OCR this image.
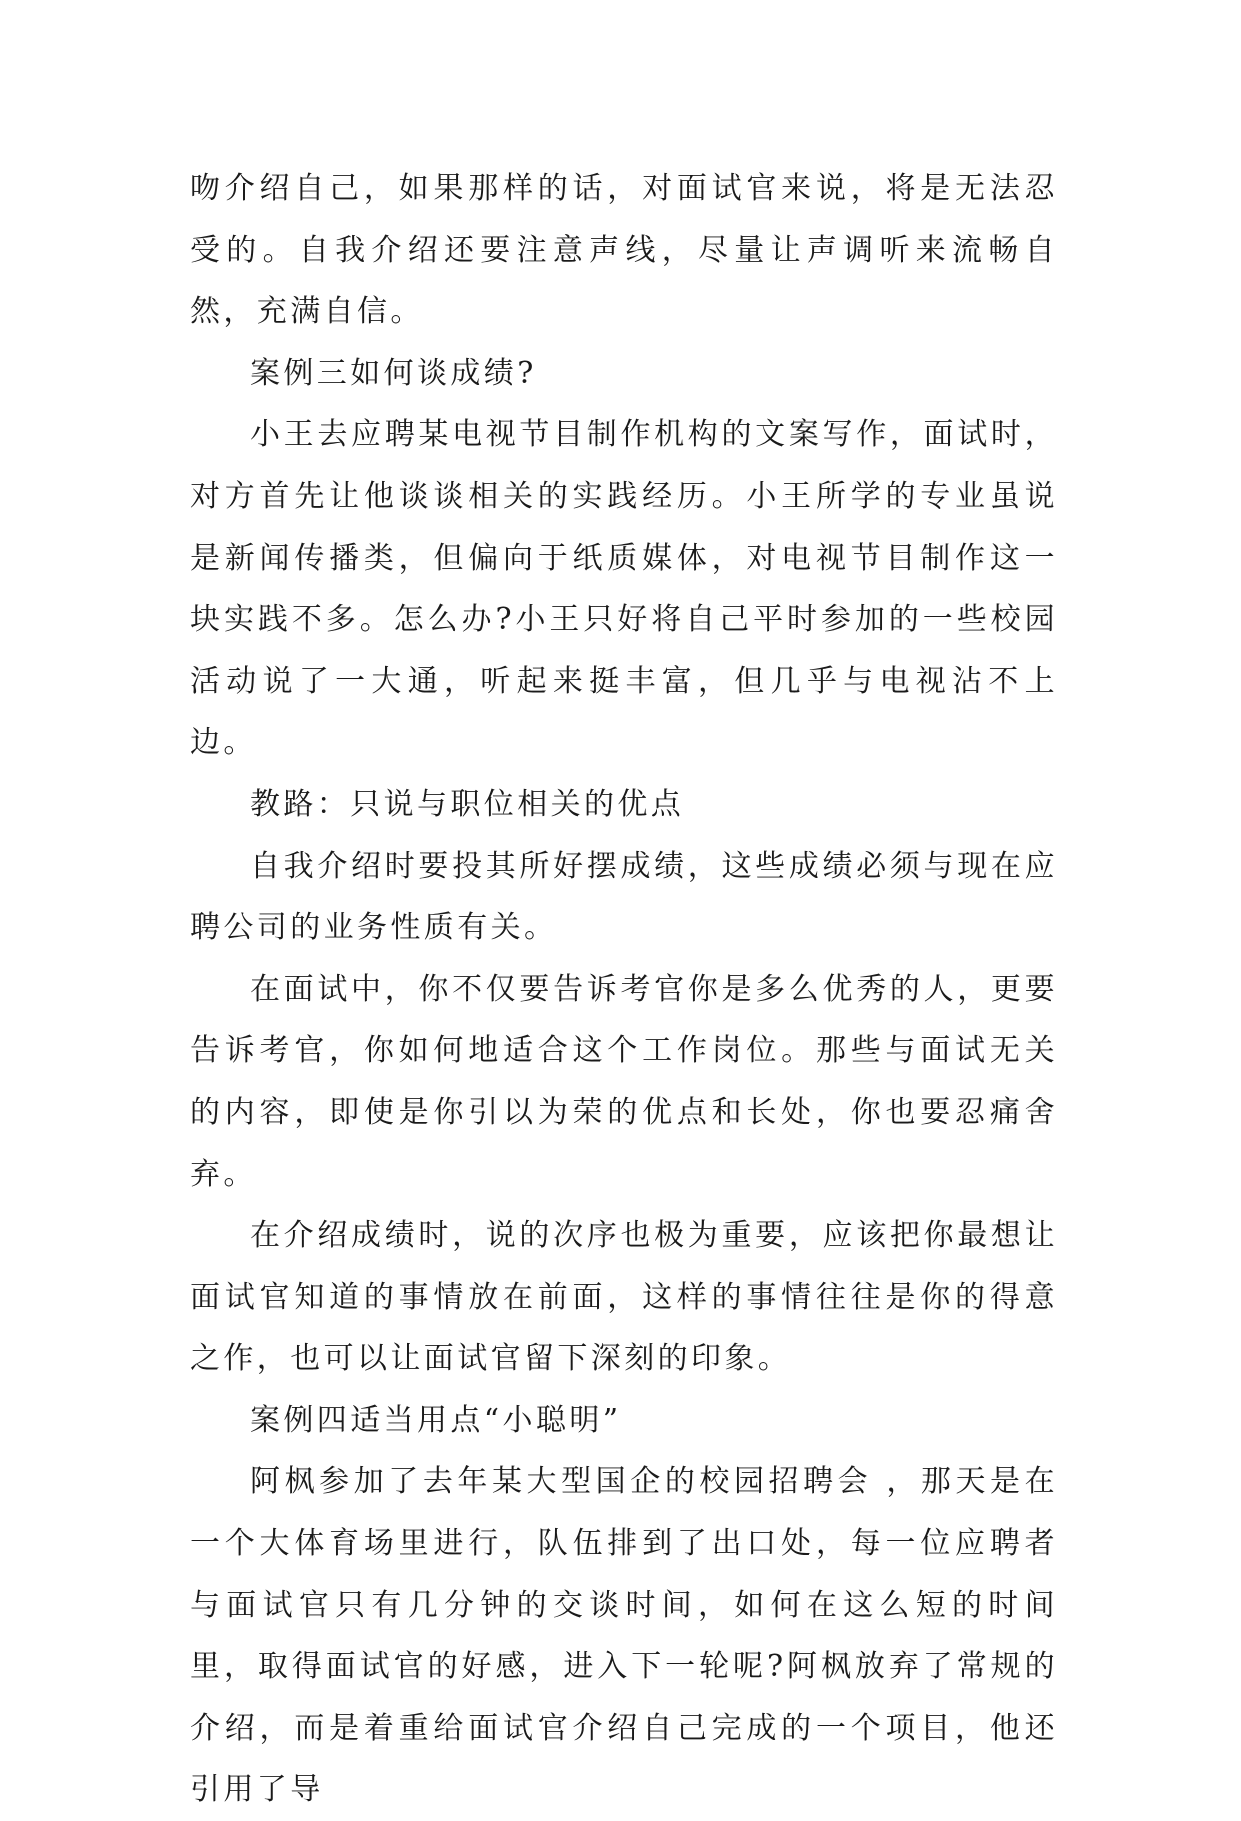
吻介绍自己，如果那样的话，对面试官来说，将是无法忍受的。自我介绍还要注意声线，尽量让声调听来流畅自然，充满自信。

案例三如何谈成绩?

小王去应聘某电视节目制作机构的文案写作，面试时，对方首先让他谈谈相关的实践经历。小王所学的专业虽说是新闻传播类，但偏向于纸质媒体，对电视节目制作这一块实践不多。怎么办?小王只好将自己平时参加的一些校园活动说了一大通，听起来挺丰富，但几乎与电视沾不上边。

教路：只说与职位相关的优点

自我介绍时要投其所好摆成绩，这些成绩必须与现在应聘公司的业务性质有关。

在面试中，你不仅要告诉考官你是多么优秀的人，更要告诉考官，你如何地适合这个工作岗位。那些与面试无关的内容，即使是你引以为荣的优点和长处，你也要忍痛舍弃。

在介绍成绩时，说的次序也极为重要，应该把你最想让面试官知道的事情放在前面，这样的事情往往是你的得意之作，也可以让面试官留下深刻的印象。

案例四适当用点“小聪明”

阿枫参加了去年某大型国企的校园招聘会 ，那天是在一个大体育场里进行，队伍排到了出口处，每一位应聘者与面试官只有几分钟的交谈时间，如何在这么短的时间里，取得面试官的好感，进入下一轮呢?阿枫放弃了常规的介绍，而是着重给面试官介绍自己完成的一个项目，他还引用了导
